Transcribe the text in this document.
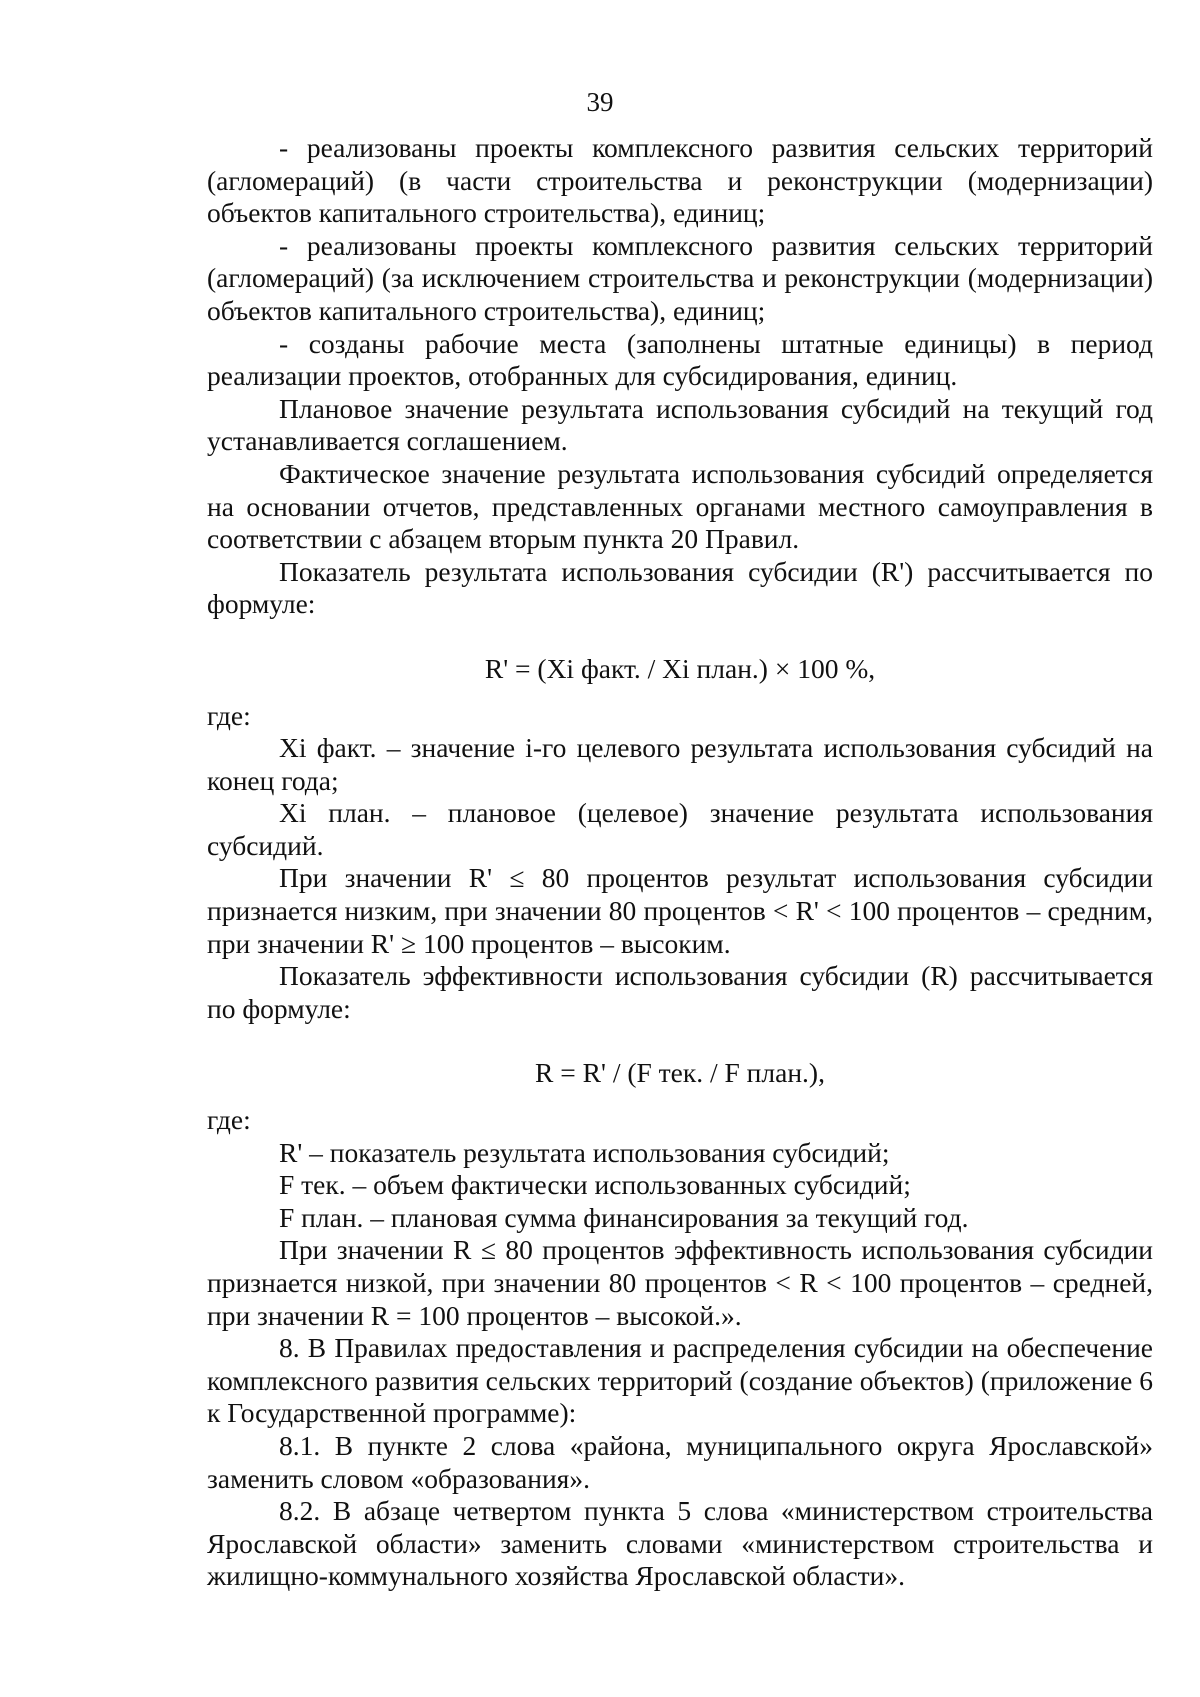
39

- реализованы проекты комплексного развития сельских территорий (агломераций) (в части строительства и реконструкции (модернизации) объектов капитального строительства), единиц;

- реализованы проекты комплексного развития сельских территорий (агломераций) (за исключением строительства и реконструкции (модернизации) объектов капитального строительства), единиц;

- созданы рабочие места (заполнены штатные единицы) в период реализации проектов, отобранных для субсидирования, единиц.

Плановое значение результата использования субсидий на текущий год устанавливается соглашением.

Фактическое значение результата использования субсидий определяется на основании отчетов, представленных органами местного самоуправления в соответствии с абзацем вторым пункта 20 Правил.

Показатель результата использования субсидии (R') рассчитывается по формуле:

R' = (Xi факт. / Xi план.) × 100 %,

где:

Xi факт. – значение i-го целевого результата использования субсидий на конец года;

Xi план. – плановое (целевое) значение результата использования субсидий.

При значении R' ≤ 80 процентов результат использования субсидии признается низким, при значении 80 процентов < R' < 100 процентов – средним, при значении R' ≥ 100 процентов – высоким.

Показатель эффективности использования субсидии (R) рассчитывается по формуле:

R = R' / (F тек. / F план.),

где:

R' – показатель результата использования субсидий;

F тек. – объем фактически использованных субсидий;

F план. – плановая сумма финансирования за текущий год.

При значении R ≤ 80 процентов эффективность использования субсидии признается низкой, при значении 80 процентов < R < 100 процентов – средней, при значении R = 100 процентов – высокой.».

8. В Правилах предоставления и распределения субсидии на обеспечение комплексного развития сельских территорий (создание объектов) (приложение 6 к Государственной программе):

8.1. В пункте 2 слова «района, муниципального округа Ярославской» заменить словом «образования».

8.2. В абзаце четвертом пункта 5 слова «министерством строительства Ярославской области» заменить словами «министерством строительства и жилищно-коммунального хозяйства Ярославской области».
